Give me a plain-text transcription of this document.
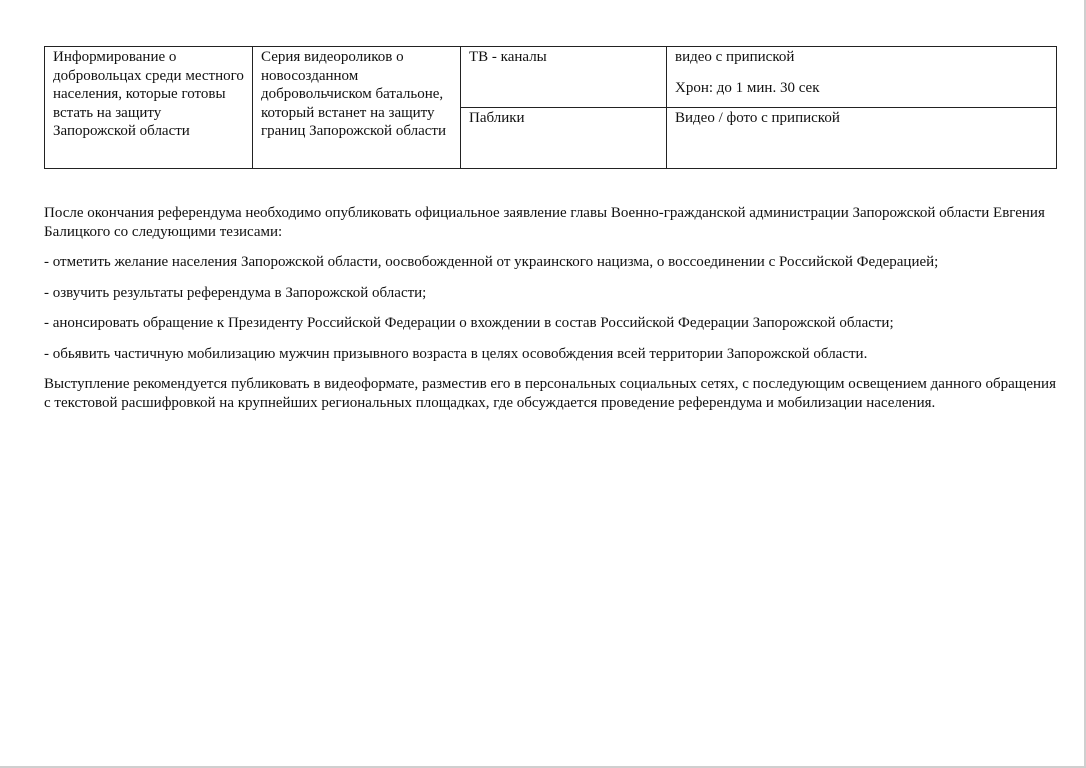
Информирование о добровольцах среди местного населения, которые готовы встать на защиту Запорожской области	Серия видеороликов о новосозданном добровольчиском батальоне, который встанет на защиту границ Запорожской области	ТВ - каналы	видео с припиской
Хрон: до 1 мин. 30 сек

		Паблики	Видео / фото с припиской

После окончания референдума необходимо опубликовать официальное заявление главы Военно-гражданской администрации Запорожской области Евгения Балицкого со следующими тезисами:

- отметить желание населения Запорожской области, оосвобожденной от украинского нацизма, о воссоединении с Российской Федерацией;

- озвучить результаты референдума в Запорожской области;

- анонсировать обращение к Президенту Российской Федерации о вхождении в состав Российской Федерации Запорожской области;

- обьявить частичную мобилизацию мужчин призывного возраста в целях осовобждения всей территории Запорожской области.

Выступление рекомендуется публиковать в видеоформате, разместив его в персональных социальных сетях, с последующим освещением данного обращения с текстовой расшифровкой на крупнейших региональных площадках, где обсуждается проведение референдума и мобилизации населения.
